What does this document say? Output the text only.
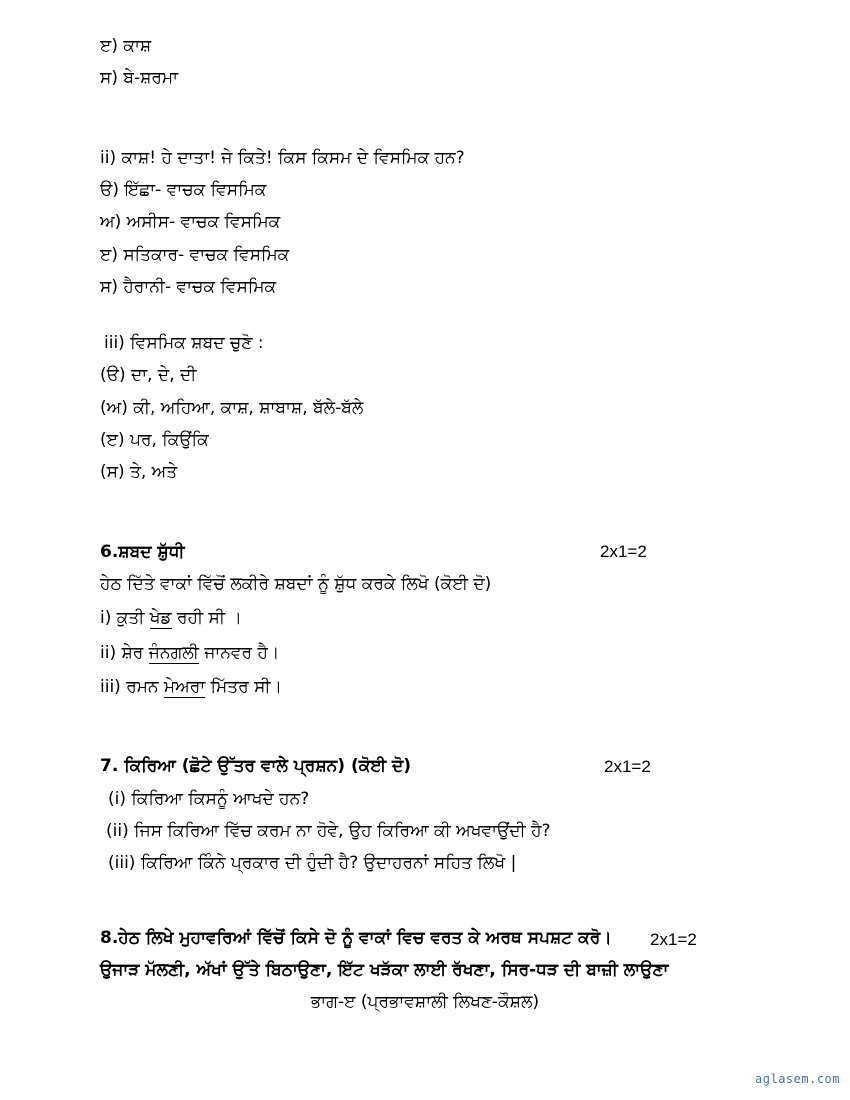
ੲ) ਕਾਸ਼
ਸ) ਬੇ-ਸ਼ਰਮਾ
ii) ਕਾਸ਼! ਹੇ ਦਾਤਾ! ਜੇ ਕਿਤੇ! ਕਿਸ ਕਿਸਮ ਦੇ ਵਿਸਮਿਕ ਹਨ?
ੳ) ਇੱਛਾ- ਵਾਚਕ ਵਿਸਮਿਕ
ਅ) ਅਸੀਸ- ਵਾਚਕ ਵਿਸਮਿਕ
ੲ) ਸਤਿਕਾਰ- ਵਾਚਕ ਵਿਸਮਿਕ
ਸ) ਹੈਰਾਨੀ- ਵਾਚਕ ਵਿਸਮਿਕ
iii) ਵਿਸਮਿਕ ਸ਼ਬਦ ਚੁਣੋ :
(ੳ) ਦਾ, ਦੇ, ਦੀ
(ਅ) ਕੀ, ਅਹਿਆ, ਕਾਸ਼, ਸ਼ਾਬਾਸ਼, ਬੱਲੇ-ਬੱਲੇ
(ੲ) ਪਰ, ਕਿਉਂਕਿ
(ਸ) ਤੇ, ਅਤੇ
6.ਸ਼ਬਦ ਸ਼ੁੱਧੀ	2x1=2
ਹੇਠ ਦਿੱਤੇ ਵਾਕਾਂ ਵਿੱਚੋਂ ਲਕੀਰੇ ਸ਼ਬਦਾਂ ਨੂੰ ਸ਼ੁੱਧ ਕਰਕੇ ਲਿਖੋ (ਕੋਈ ਦੋ)
i) ਕੁਤੀ ਖੇਡ ਰਹੀ ਸੀ ।
ii) ਸ਼ੇਰ ਜੰਨਗਲੀ ਜਾਨਵਰ ਹੈ।
iii) ਰਮਨ ਮੇਅਰਾ ਮਿੱਤਰ ਸੀ।
7. ਕਿਰਿਆ (ਛੋਟੇ ਉੱਤਰ ਵਾਲੇ ਪ੍ਰਸ਼ਨ) (ਕੋਈ ਦੋ)	2x1=2
(i) ਕਿਰਿਆ ਕਿਸਨੂੰ ਆਖਦੇ ਹਨ?
(ii) ਜਿਸ ਕਿਰਿਆ ਵਿੱਚ ਕਰਮ ਨਾ ਹੋਵੇ, ਉਹ ਕਿਰਿਆ ਕੀ ਅਖਵਾਉਂਦੀ ਹੈ?
(iii) ਕਿਰਿਆ ਕਿੰਨੇ ਪ੍ਰਕਾਰ ਦੀ ਹੁੰਦੀ ਹੈ? ਉਦਾਹਰਨਾਂ ਸਹਿਤ ਲਿਖੋ |
8.ਹੇਠ ਲਿਖੇ ਮੁਹਾਵਰਿਆਂ ਵਿੱਚੋਂ ਕਿਸੇ ਦੋ ਨੂੰ ਵਾਕਾਂ ਵਿਚ ਵਰਤ ਕੇ ਅਰਥ ਸਪਸ਼ਟ ਕਰੋ। 2x1=2
ਉਜਾੜ ਮੱਲਣੀ, ਅੱਖਾਂ ਉੱਤੇ ਬਿਠਾਉਣਾ, ਇੱਟ ਖੜੱਕਾ ਲਾਈ ਰੱਖਣਾ, ਸਿਰ-ਧੜ ਦੀ ਬਾਜ਼ੀ ਲਾਉਣਾ
ਭਾਗ-ੲ (ਪ੍ਰਭਾਵਸ਼ਾਲੀ ਲਿਖਣ-ਕੌਸ਼ਲ)
aglasem.com
